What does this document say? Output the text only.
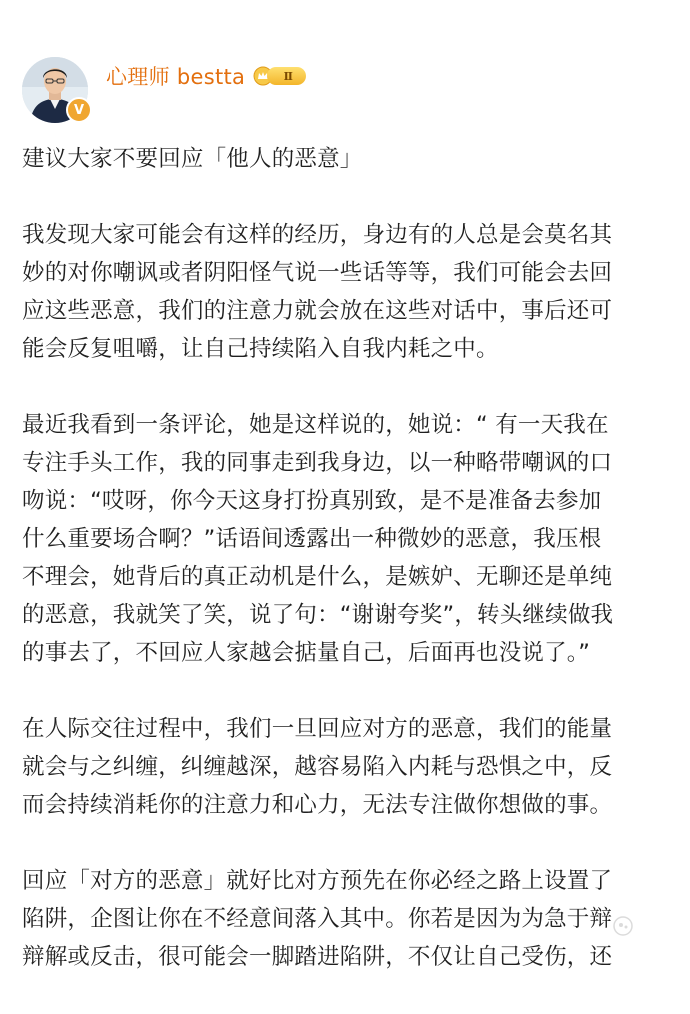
V
心理师 bestta	Ⅱ

建议大家不要回应「他人的恶意」

我发现大家可能会有这样的经历，身边有的人总是会莫名其
妙的对你嘲讽或者阴阳怪气说一些话等等，我们可能会去回
应这些恶意，我们的注意力就会放在这些对话中，事后还可
能会反复咀嚼，让自己持续陷入自我内耗之中。

最近我看到一条评论，她是这样说的，她说：“ 有一天我在
专注手头工作，我的同事走到我身边，以一种略带嘲讽的口
吻说：“哎呀，你今天这身打扮真别致，是不是准备去参加
什么重要场合啊？”话语间透露出一种微妙的恶意，我压根
不理会，她背后的真正动机是什么，是嫉妒、无聊还是单纯
的恶意，我就笑了笑，说了句：“谢谢夸奖”，转头继续做我
的事去了，不回应人家越会掂量自己，后面再也没说了。”

在人际交往过程中，我们一旦回应对方的恶意，我们的能量
就会与之纠缠，纠缠越深，越容易陷入内耗与恐惧之中，反
而会持续消耗你的注意力和心力，无法专注做你想做的事。

回应「对方的恶意」就好比对方预先在你必经之路上设置了
陷阱，企图让你在不经意间落入其中。你若是因为为急于辩
辩解或反击，很可能会一脚踏进陷阱，不仅让自己受伤，还
